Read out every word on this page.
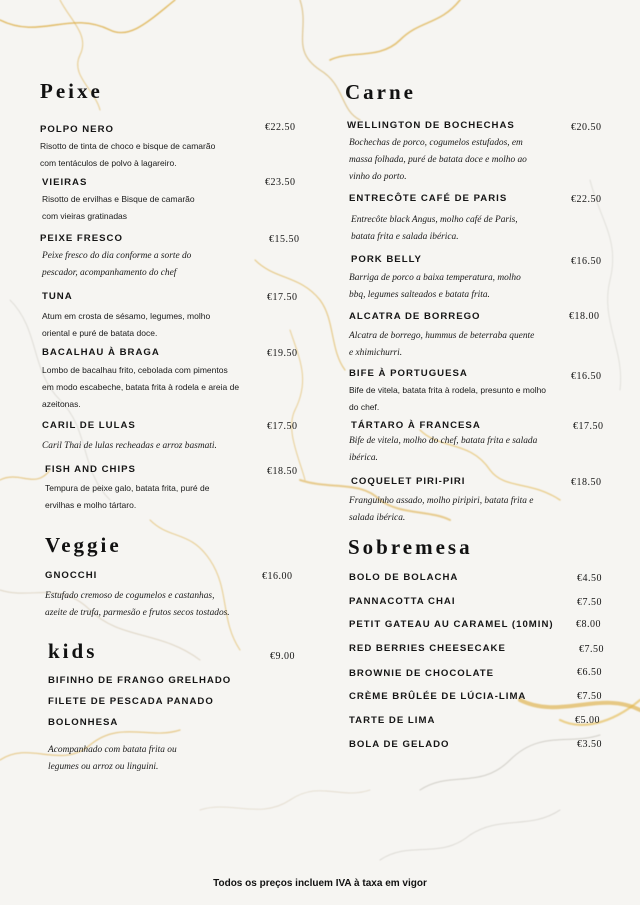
Peixe
POLPO NERO	€22.50
Risotto de tinta de choco e bisque de camarão
com tentáculos de polvo à lagareiro.
VIEIRAS	€23.50
Risotto de ervilhas e Bisque de camarão
com vieiras gratinadas
PEIXE FRESCO	€15.50
Peixe fresco do dia conforme a sorte do
pescador, acompanhamento do chef
TUNA	€17.50
Atum em crosta de sésamo, legumes, molho
oriental e puré de batata doce.
BACALHAU À BRAGA	€19.50
Lombo de bacalhau frito, cebolada com pimentos
em modo escabeche, batata frita à rodela e areia de
azeitonas.
CARIL DE LULAS	€17.50
Caril Thai de lulas recheadas e arroz basmati.
FISH AND CHIPS	€18.50
Tempura de peixe galo, batata frita, puré de
ervilhas e molho tártaro.
Veggie
GNOCCHI	€16.00
Estufado cremoso de cogumelos e castanhas,
azeite de trufa, parmesão e frutos secos tostados.
kids	€9.00
BIFINHO DE FRANGO GRELHADO
FILETE DE PESCADA PANADO
BOLONHESA
Acompanhado com batata frita ou
legumes ou arroz ou linguini.
Carne
WELLINGTON DE BOCHECHAS	€20.50
Bochechas de porco, cogumelos estufados, em
massa folhada, puré de batata doce e molho ao
vinho do porto.
ENTRECÔTE CAFÉ DE PARIS	€22.50
Entrecôte black Angus, molho café de Paris,
batata frita e salada ibérica.
PORK BELLY	€16.50
Barriga de porco a baixa temperatura, molho
bbq, legumes salteados e batata frita.
ALCATRA DE BORREGO	€18.00
Alcatra de borrego, hummus de beterraba quente
e xhimichurri.
BIFE À PORTUGUESA	€16.50
Bife de vitela, batata frita à rodela, presunto e molho
do chef.
TÁRTARO À FRANCESA	€17.50
Bife de vitela, molho do chef, batata frita e salada
ibérica.
COQUELET PIRI-PIRI	€18.50
Franguinho assado, molho piripiri, batata frita e
salada ibérica.
Sobremesa
BOLO DE BOLACHA	€4.50
PANNACOTTA CHAI	€7.50
PETIT GATEAU AU CARAMEL (10MIN) €8.00
RED BERRIES CHEESECAKE	€7.50
BROWNIE DE CHOCOLATE	€6.50
CRÈME BRÛLÉE DE LÚCIA-LIMA	€7.50
TARTE DE LIMA	€5.00
BOLA DE GELADO	€3.50
Todos os preços incluem IVA à taxa em vigor
